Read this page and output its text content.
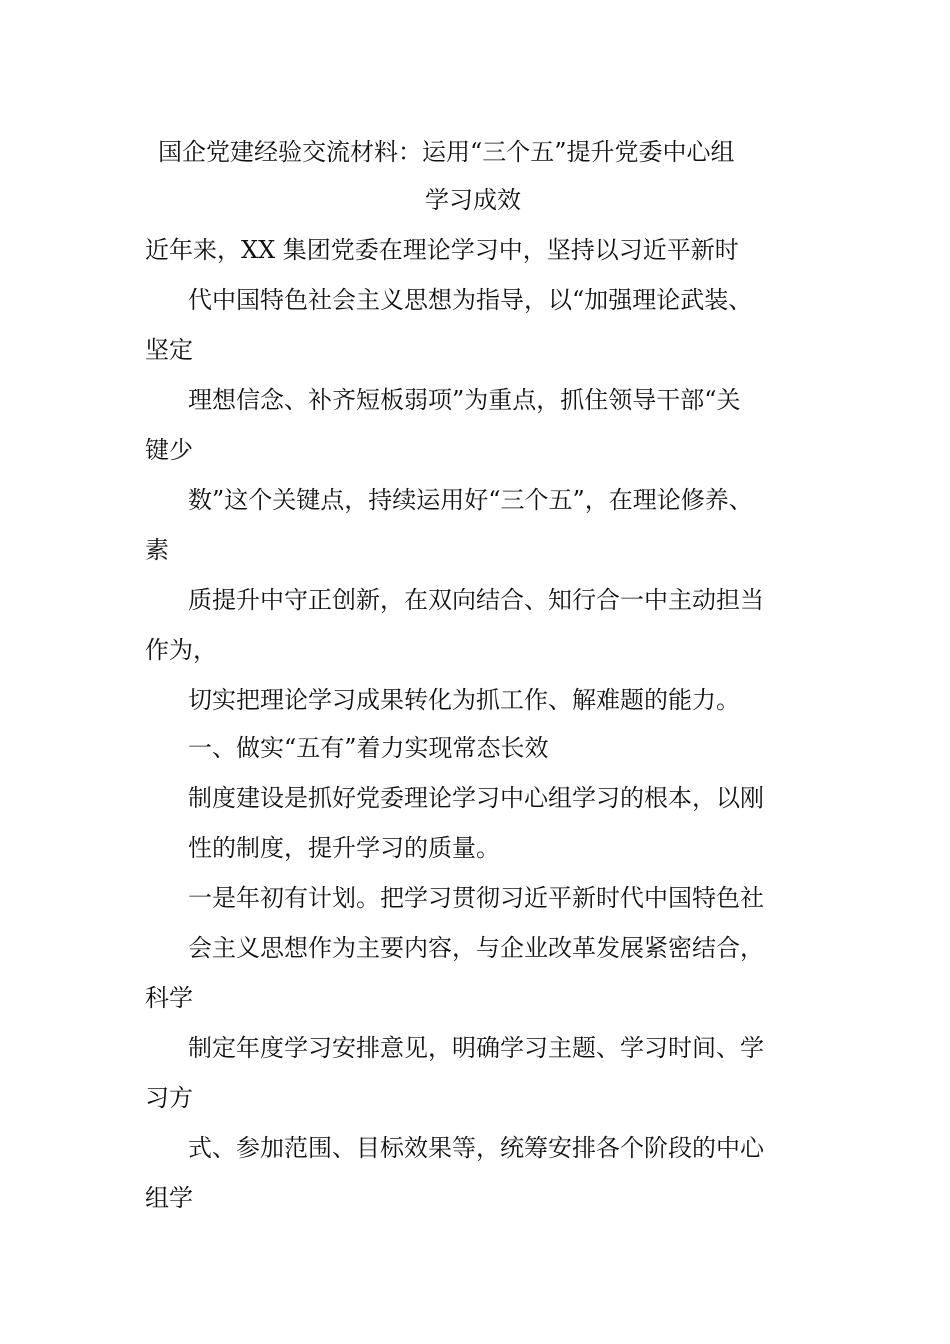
国企党建经验交流材料：运用“三个五”提升党委中心组
学习成效
近年来，XX 集团党委在理论学习中，坚持以习近平新时
代中国特色社会主义思想为指导，以“加强理论武装、
坚定
理想信念、补齐短板弱项”为重点，抓住领导干部“关
键少
数”这个关键点，持续运用好“三个五”，在理论修养、
素
质提升中守正创新，在双向结合、知行合一中主动担当
作为，
切实把理论学习成果转化为抓工作、解难题的能力。
一、做实“五有”着力实现常态长效
制度建设是抓好党委理论学习中心组学习的根本，以刚
性的制度，提升学习的质量。
一是年初有计划。把学习贯彻习近平新时代中国特色社
会主义思想作为主要内容，与企业改革发展紧密结合，
科学
制定年度学习安排意见，明确学习主题、学习时间、学
习方
式、参加范围、目标效果等，统筹安排各个阶段的中心
组学
